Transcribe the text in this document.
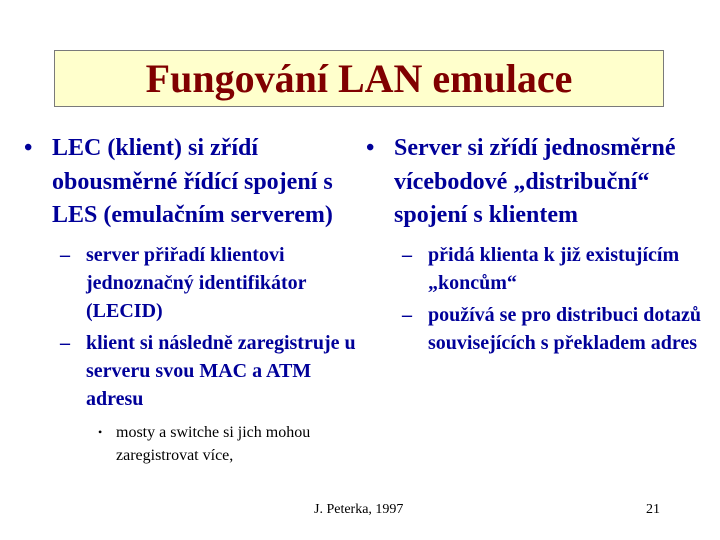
Fungování LAN emulace
• LEC (klient) si zřídí obousměrné řídící spojení s LES (emulačním serverem)
– server přiřadí klientovi jednoznačný identifikátor (LECID)
– klient si následně zaregistruje u serveru svou MAC a ATM adresu
• mosty a switche si jich mohou zaregistrovat více,
• Server si zřídí jednosměrné vícebodové „distribuční“ spojení s klientem
– přidá klienta k již existujícím „koncům“
– používá se pro distribuci dotazů souvisejících s překladem adres
J. Peterka, 1997	21
